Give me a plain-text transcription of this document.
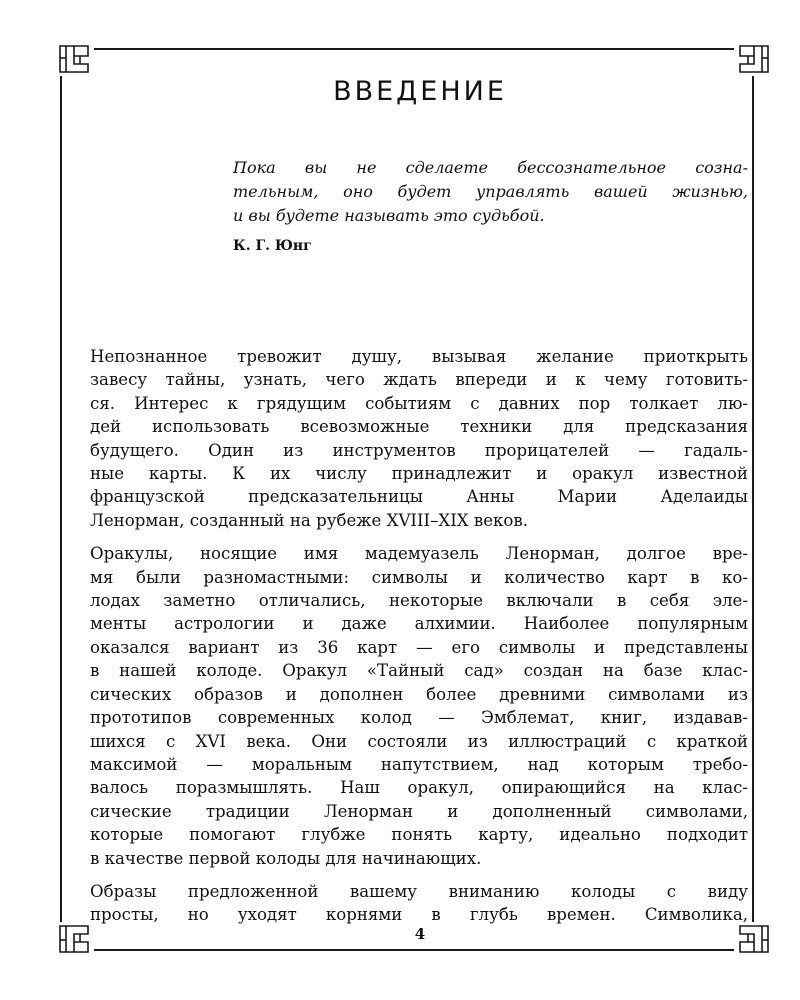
ВВЕДЕНИЕ
Пока вы не сделаете бессознательное созна-
тельным, оно будет управлять вашей жизнью,
и вы будете называть это судьбой.
К. Г. Юнг

Непознанное тревожит душу, вызывая желание приоткрыть
завесу тайны, узнать, чего ждать впереди и к чему готовить-
ся. Интерес к грядущим событиям с давних пор толкает лю-
дей использовать всевозможные техники для предсказания
будущего. Один из инструментов прорицателей — гадаль-
ные карты. К их числу принадлежит и оракул известной
французской предсказательницы Анны Марии Аделаиды
Ленорман, созданный на рубеже XVIII–XIX веков.

Оракулы, носящие имя мадемуазель Ленорман, долгое вре-
мя были разномастными: символы и количество карт в ко-
лодах заметно отличались, некоторые включали в себя эле-
менты астрологии и даже алхимии. Наиболее популярным
оказался вариант из 36 карт — его символы и представлены
в нашей колоде. Оракул «Тайный сад» создан на базе клас-
сических образов и дополнен более древними символами из
прототипов современных колод — Эмблемат, книг, издавав-
шихся с XVI века. Они состояли из иллюстраций с краткой
максимой — моральным напутствием, над которым требо-
валось поразмышлять. Наш оракул, опирающийся на клас-
сические традиции Ленорман и дополненный символами,
которые помогают глубже понять карту, идеально подходит
в качестве первой колоды для начинающих.

Образы предложенной вашему вниманию колоды с виду
просты, но уходят корнями в глубь времен. Символика,

4
